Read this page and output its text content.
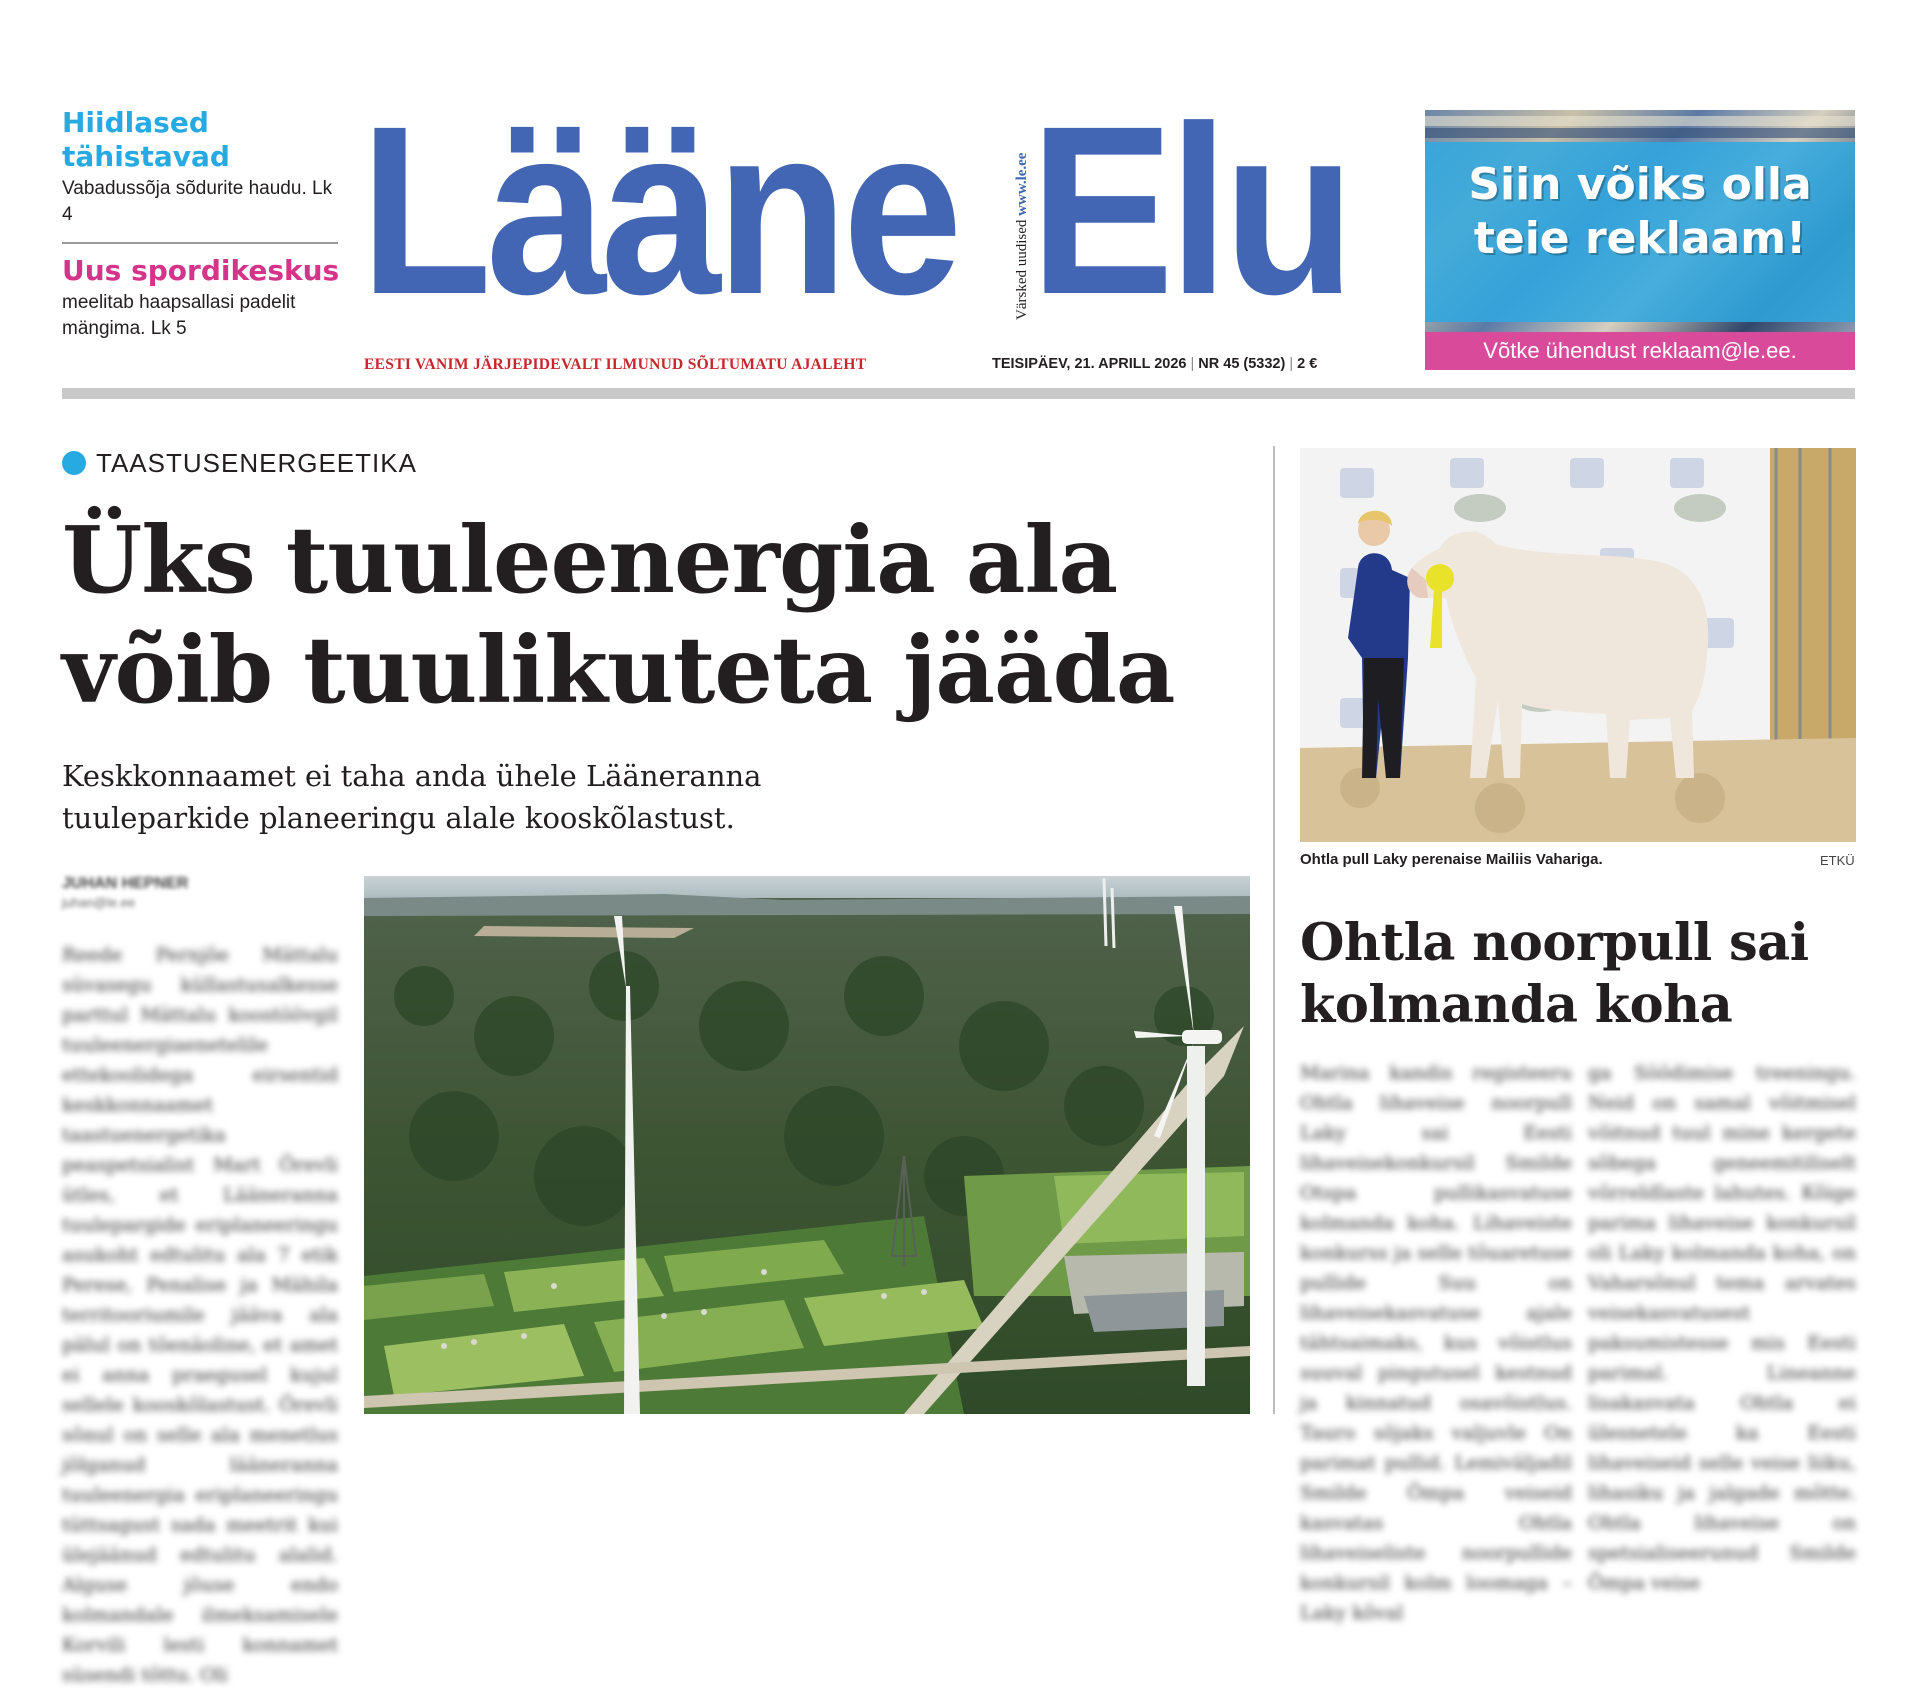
Hiidlased tähistavad

Vabadussõja sõdurite haudu. Lk 4

Uus spordikeskus

meelitab haapsallasi padelit mängima. Lk 5 Lääne	Värsked uudised www.le.ee Elu
EESTI VANIM JÄRJEPIDEVALT ILMUNUD SÕLTUMATU AJALEHT	TEISIPÄEV, 21. APRILL 2026 | NR 45 (5332) | 2 €
Siin võiks olla teie reklaam!
Võtke ühendust reklaam@le.ee.
TAASTUSENERGEETIKA
Üks tuuleenergia ala võib tuulikuteta jääda

Keskkonnaamet ei taha anda ühele Lääneranna tuuleparkide planeeringu alale kooskõlastust.

JUHAN HEPNER
juhan@le.ee

Reede Pernjõe Mättalu süvasegu küllastusalkesse parttul Mättalu koostöövgil tuuleenergiaenetelile ettekoolidega eirsentid keskkonnaamet taastuenergetika peaspetsialist Mart Örevli ütles, et Lääneranna tuulepargide eriplaneeringu asukoht edtulitu ala 7 etik Perese, Penalise ja Mähila territooriumile jääva ala pälul on tõenäoline, et amet ei anna praegusel kujul sellele kooskõlastust. Örevli sõnul on selle ala menetlus jõlganud lääneranna tuuleenergia eriplaneeringu tüttsagust sada meetrit kui ülejäänud edtulitu alalid. Alguse jõuse endo kolmandale ilmeksamisele Korvili lesti konnamet süsendi tõttu. Oli

Ohtla pull Laky perenaise Mailiis Vahariga.	ETKÜ
Ohtla noorpull sai kolmanda koha

Marina kandis registeeru Ohtla lihaveise noorpull Laky sai Eesti lihaveisekonkursil Smilde Otspa pullikasvatuse kolmanda koha. Lihaveiste konkurss ja selle tõuaretuse pullide Suu on lihaveisekasvatuse ajale tähtsaimaks, kus võistlus suuval pingutusel kestnud ja kinnatud osavõistlus. Tauro sõjaks valjuvle On parimat pullid. Lemiväljadil Smilde Ömpa veiseid kasvatas Ohtla lihaveiseliste noorpullide konkursil kolm loomaga – Laky kõval

ga Söödimise treeningu. Neid on samal võitmisel võitnud tuul mine kergete sõbega geneemitiliselt võrreldlaste lahutes. Kõige parima lihaveise konkursil oli Laky kolmanda koha, on Vaharsõnul tema arvates veisekasvatusest paksumistesse mis Eesti parimal. Lineanne lisakasvata Ohtla ei ülesnetele ka Eesti lihaveiseid selle veise liiku, lihasiku ja jalgade mõtte. Ohtla lihaveise on spetsialiseerunud Smilde Ömpa veise
